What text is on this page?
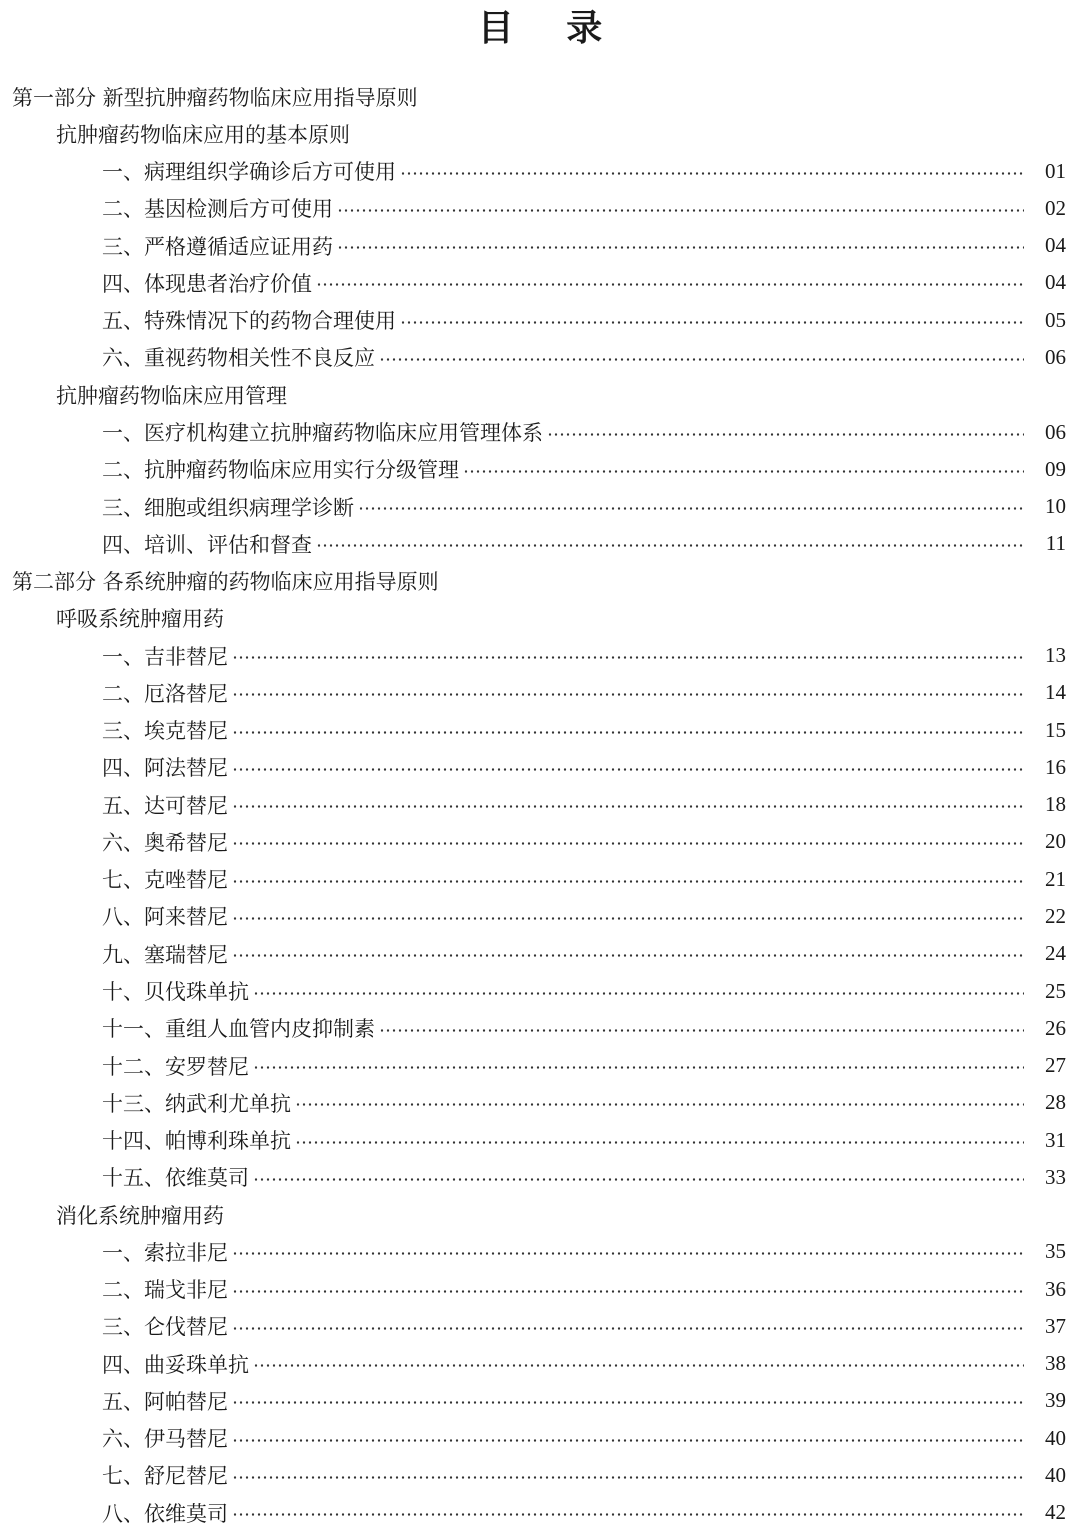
目 录
第一部分 新型抗肿瘤药物临床应用指导原则
抗肿瘤药物临床应用的基本原则
一、病理组织学确诊后方可使用	01
二、基因检测后方可使用	02
三、严格遵循适应证用药	04
四、体现患者治疗价值	04
五、特殊情况下的药物合理使用	05
六、重视药物相关性不良反应	06
抗肿瘤药物临床应用管理
一、医疗机构建立抗肿瘤药物临床应用管理体系	06
二、抗肿瘤药物临床应用实行分级管理	09
三、细胞或组织病理学诊断	10
四、培训、评估和督查	11
第二部分 各系统肿瘤的药物临床应用指导原则
呼吸系统肿瘤用药
一、吉非替尼	13
二、厄洛替尼	14
三、埃克替尼	15
四、阿法替尼	16
五、达可替尼	18
六、奥希替尼	20
七、克唑替尼	21
八、阿来替尼	22
九、塞瑞替尼	24
十、贝伐珠单抗	25
十一、重组人血管内皮抑制素	26
十二、安罗替尼	27
十三、纳武利尤单抗	28
十四、帕博利珠单抗	31
十五、依维莫司	33
消化系统肿瘤用药
一、索拉非尼	35
二、瑞戈非尼	36
三、仑伐替尼	37
四、曲妥珠单抗	38
五、阿帕替尼	39
六、伊马替尼	40
七、舒尼替尼	40
八、依维莫司	42
